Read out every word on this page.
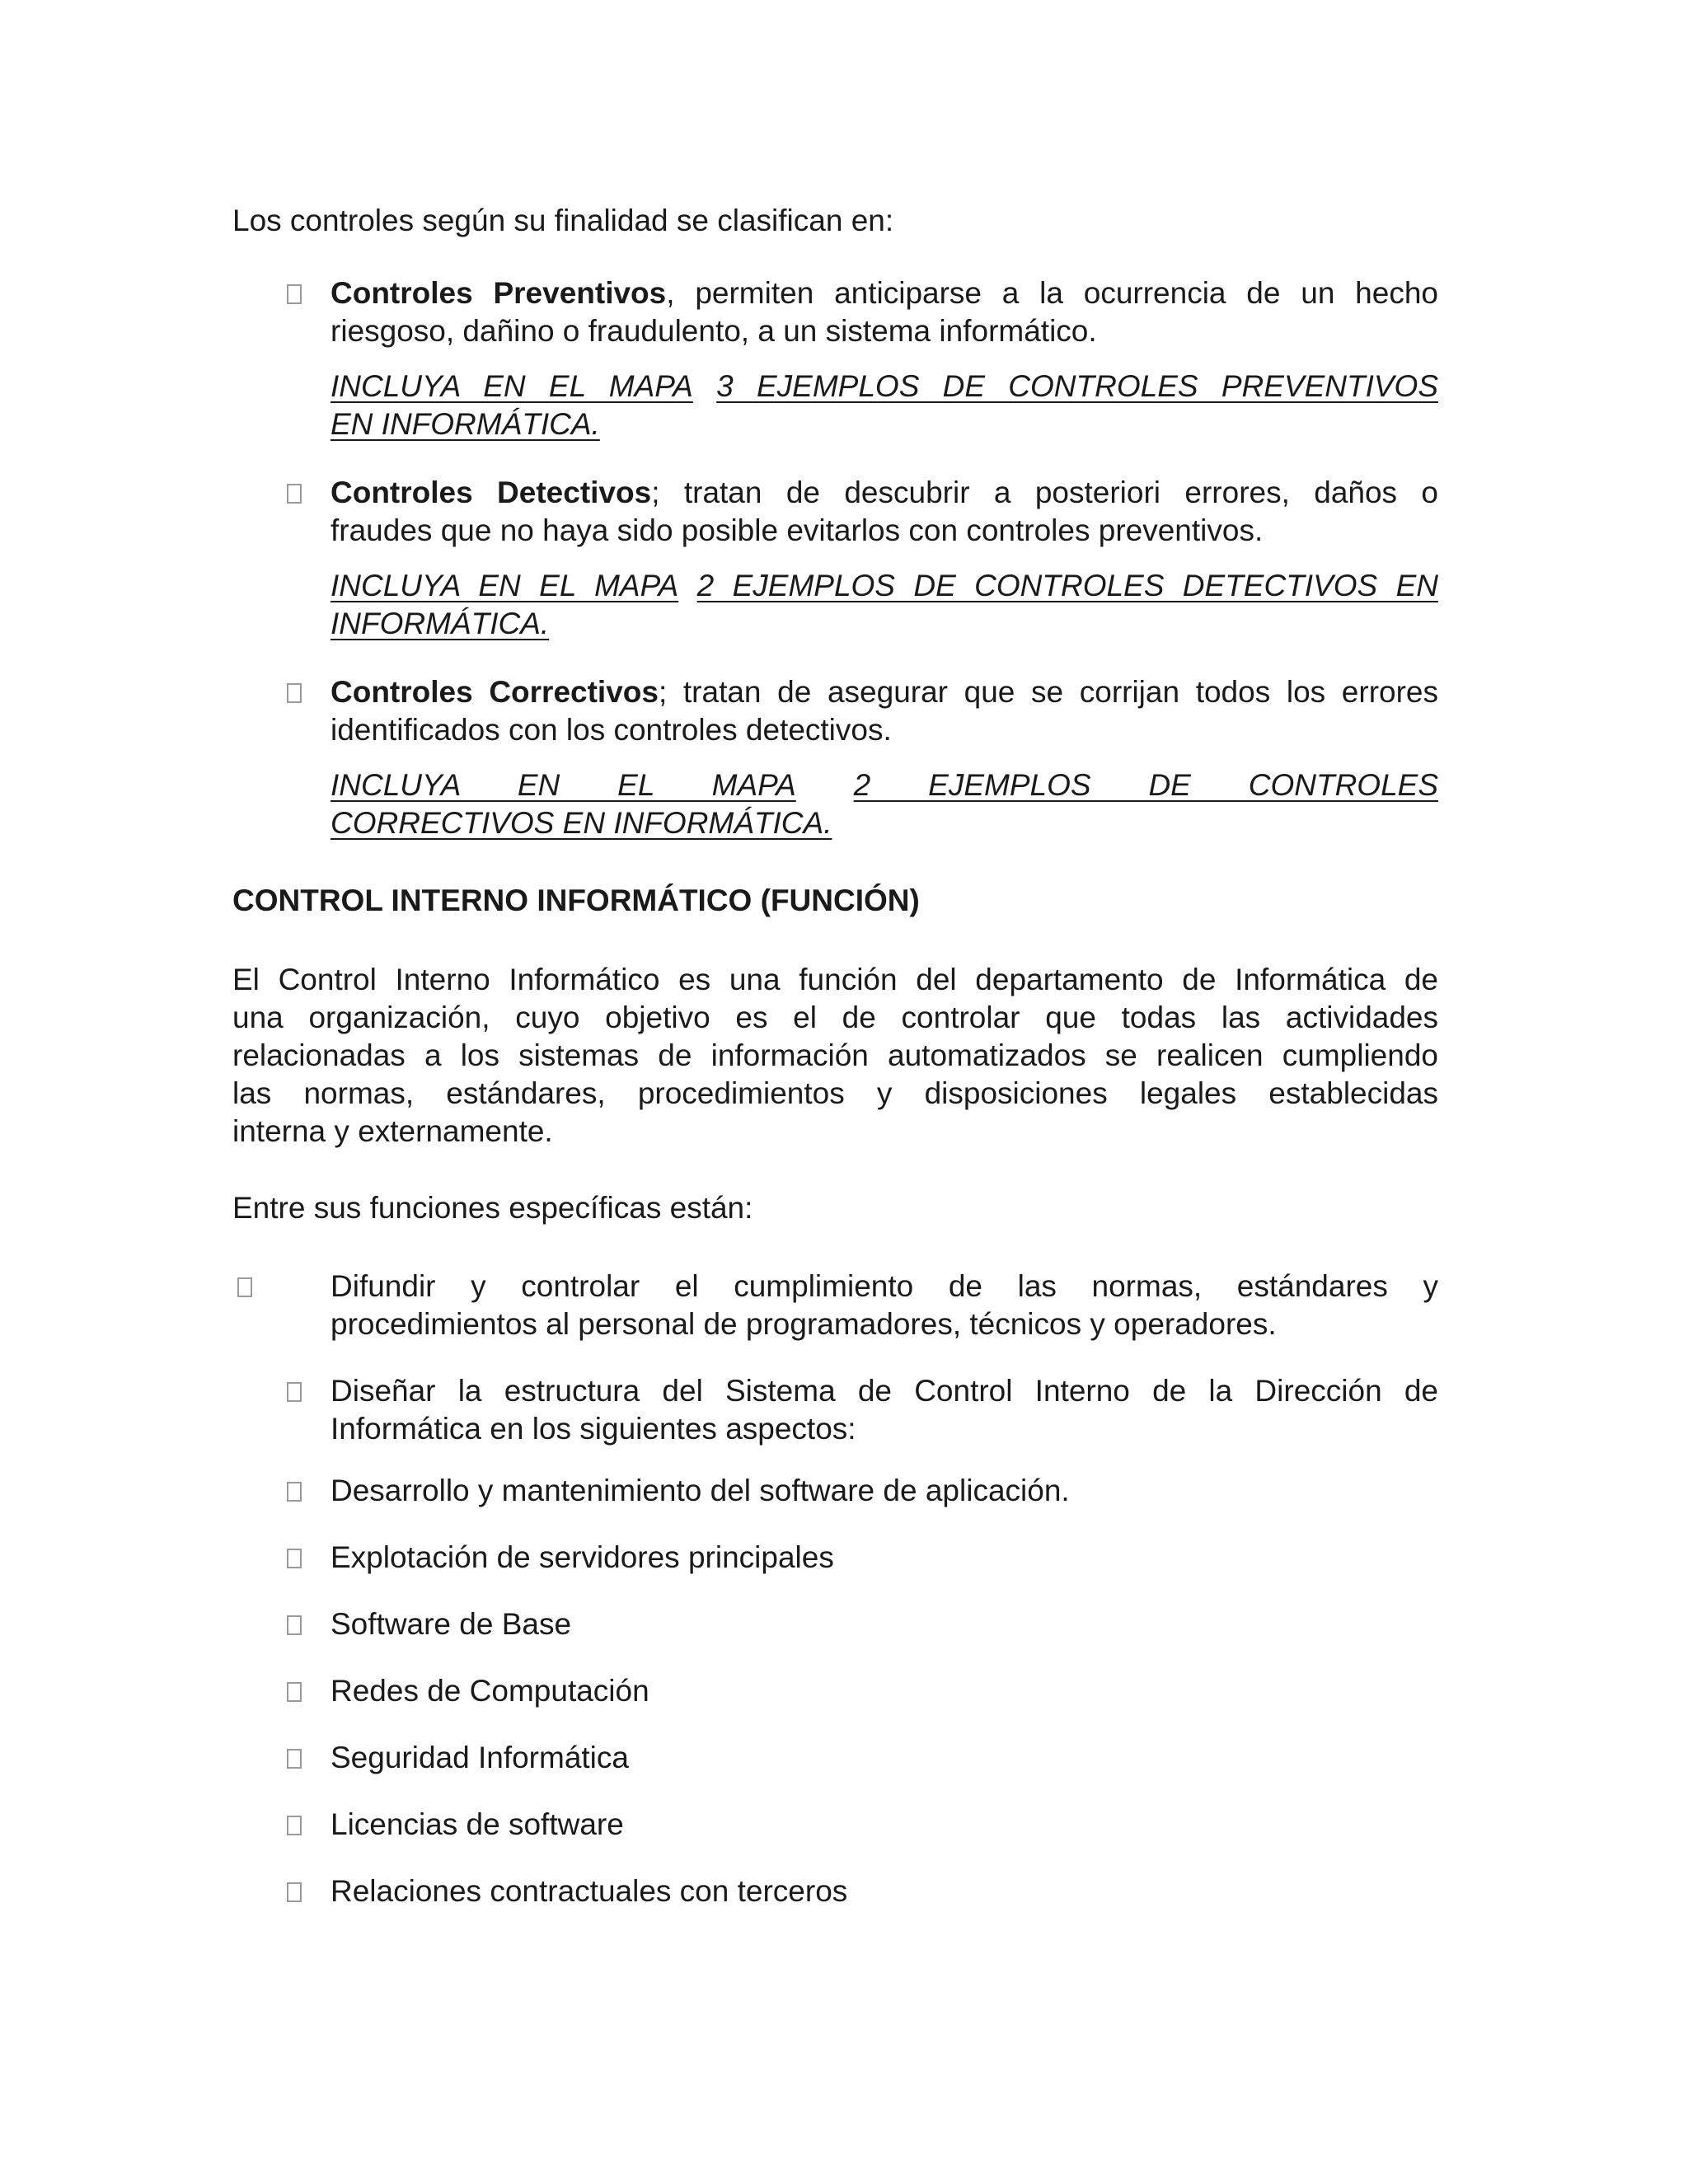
Los controles según su finalidad se clasifican en:
Controles Preventivos, permiten anticiparse a la ocurrencia de un hecho
riesgoso, dañino o fraudulento, a un sistema informático.
INCLUYA EN EL MAPA 3 EJEMPLOS DE CONTROLES PREVENTIVOS
EN INFORMÁTICA.
Controles Detectivos; tratan de descubrir a posteriori errores, daños o
fraudes que no haya sido posible evitarlos con controles preventivos.
INCLUYA EN EL MAPA 2 EJEMPLOS DE CONTROLES DETECTIVOS EN
INFORMÁTICA.
Controles Correctivos; tratan de asegurar que se corrijan todos los errores
identificados con los controles detectivos.
INCLUYA EN EL MAPA 2 EJEMPLOS DE CONTROLES
CORRECTIVOS EN INFORMÁTICA.
CONTROL INTERNO INFORMÁTICO (FUNCIÓN)
El Control Interno Informático es una función del departamento de Informática de
una organización, cuyo objetivo es el de controlar que todas las actividades
relacionadas a los sistemas de información automatizados se realicen cumpliendo
las normas, estándares, procedimientos y disposiciones legales establecidas
interna y externamente.
Entre sus funciones específicas están:
Difundir y controlar el cumplimiento de las normas, estándares y
procedimientos al personal de programadores, técnicos y operadores.
Diseñar la estructura del Sistema de Control Interno de la Dirección de
Informática en los siguientes aspectos:
Desarrollo y mantenimiento del software de aplicación.
Explotación de servidores principales
Software de Base
Redes de Computación
Seguridad Informática
Licencias de software
Relaciones contractuales con terceros
